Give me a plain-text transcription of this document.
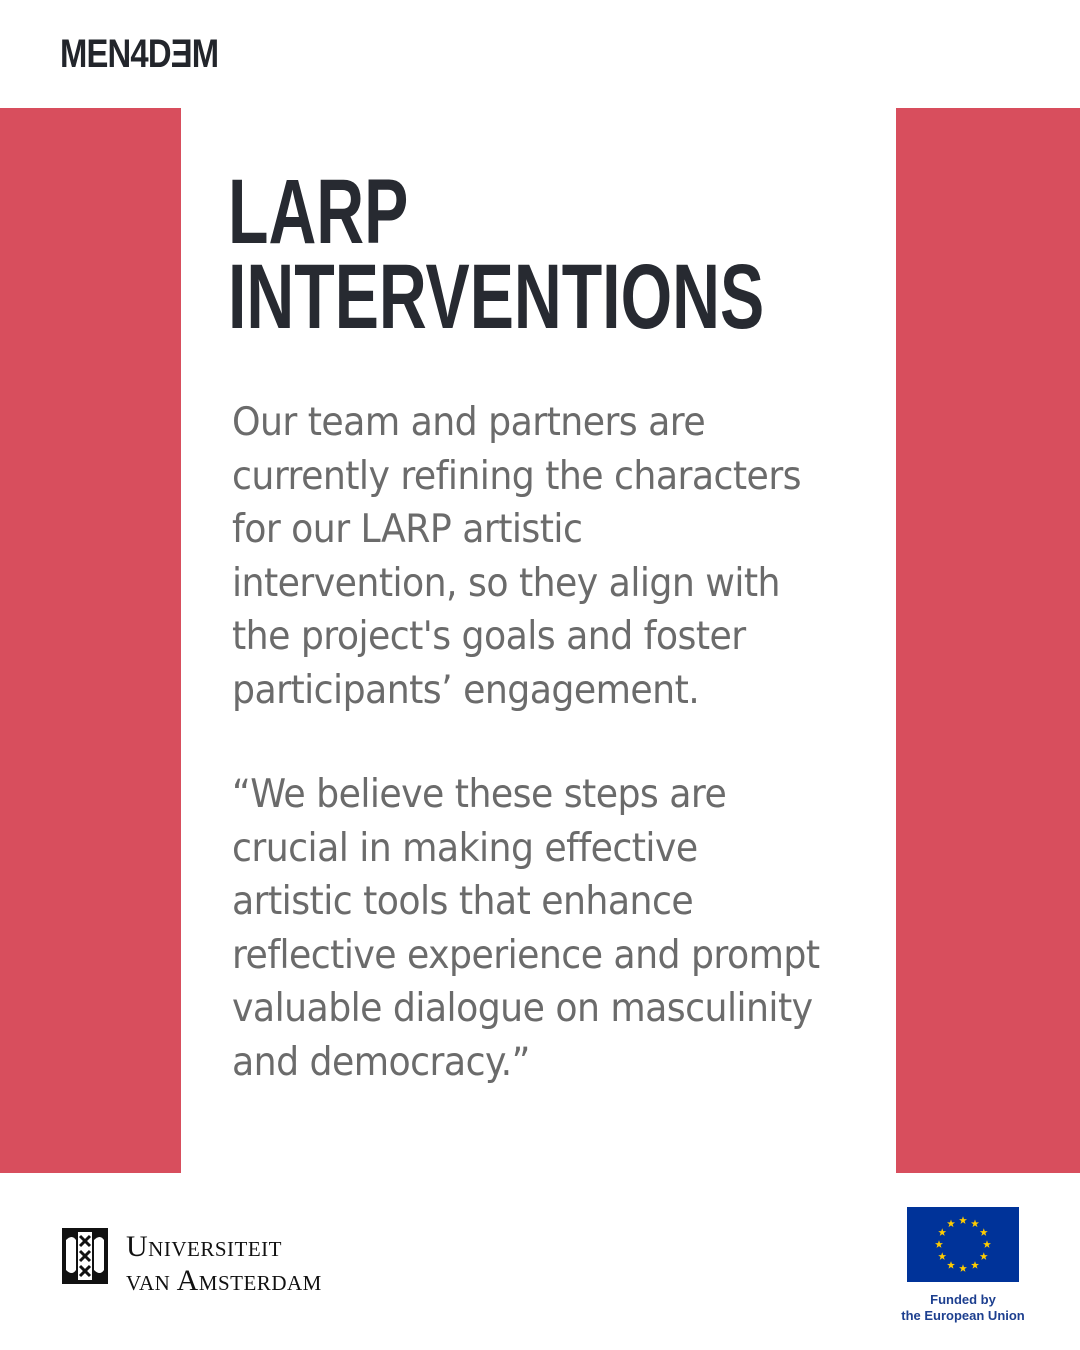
MEN4DƎM
LARP
INTERVENTIONS
Our team and partners are
currently refining the characters
for our LARP artistic
intervention, so they align with
the project's goals and foster
participants’ engagement.
“We believe these steps are
crucial in making effective
artistic tools that enhance
reflective experience and prompt
valuable dialogue on masculinity
and democracy.”
Universiteit
van Amsterdam
Funded by
the European Union
